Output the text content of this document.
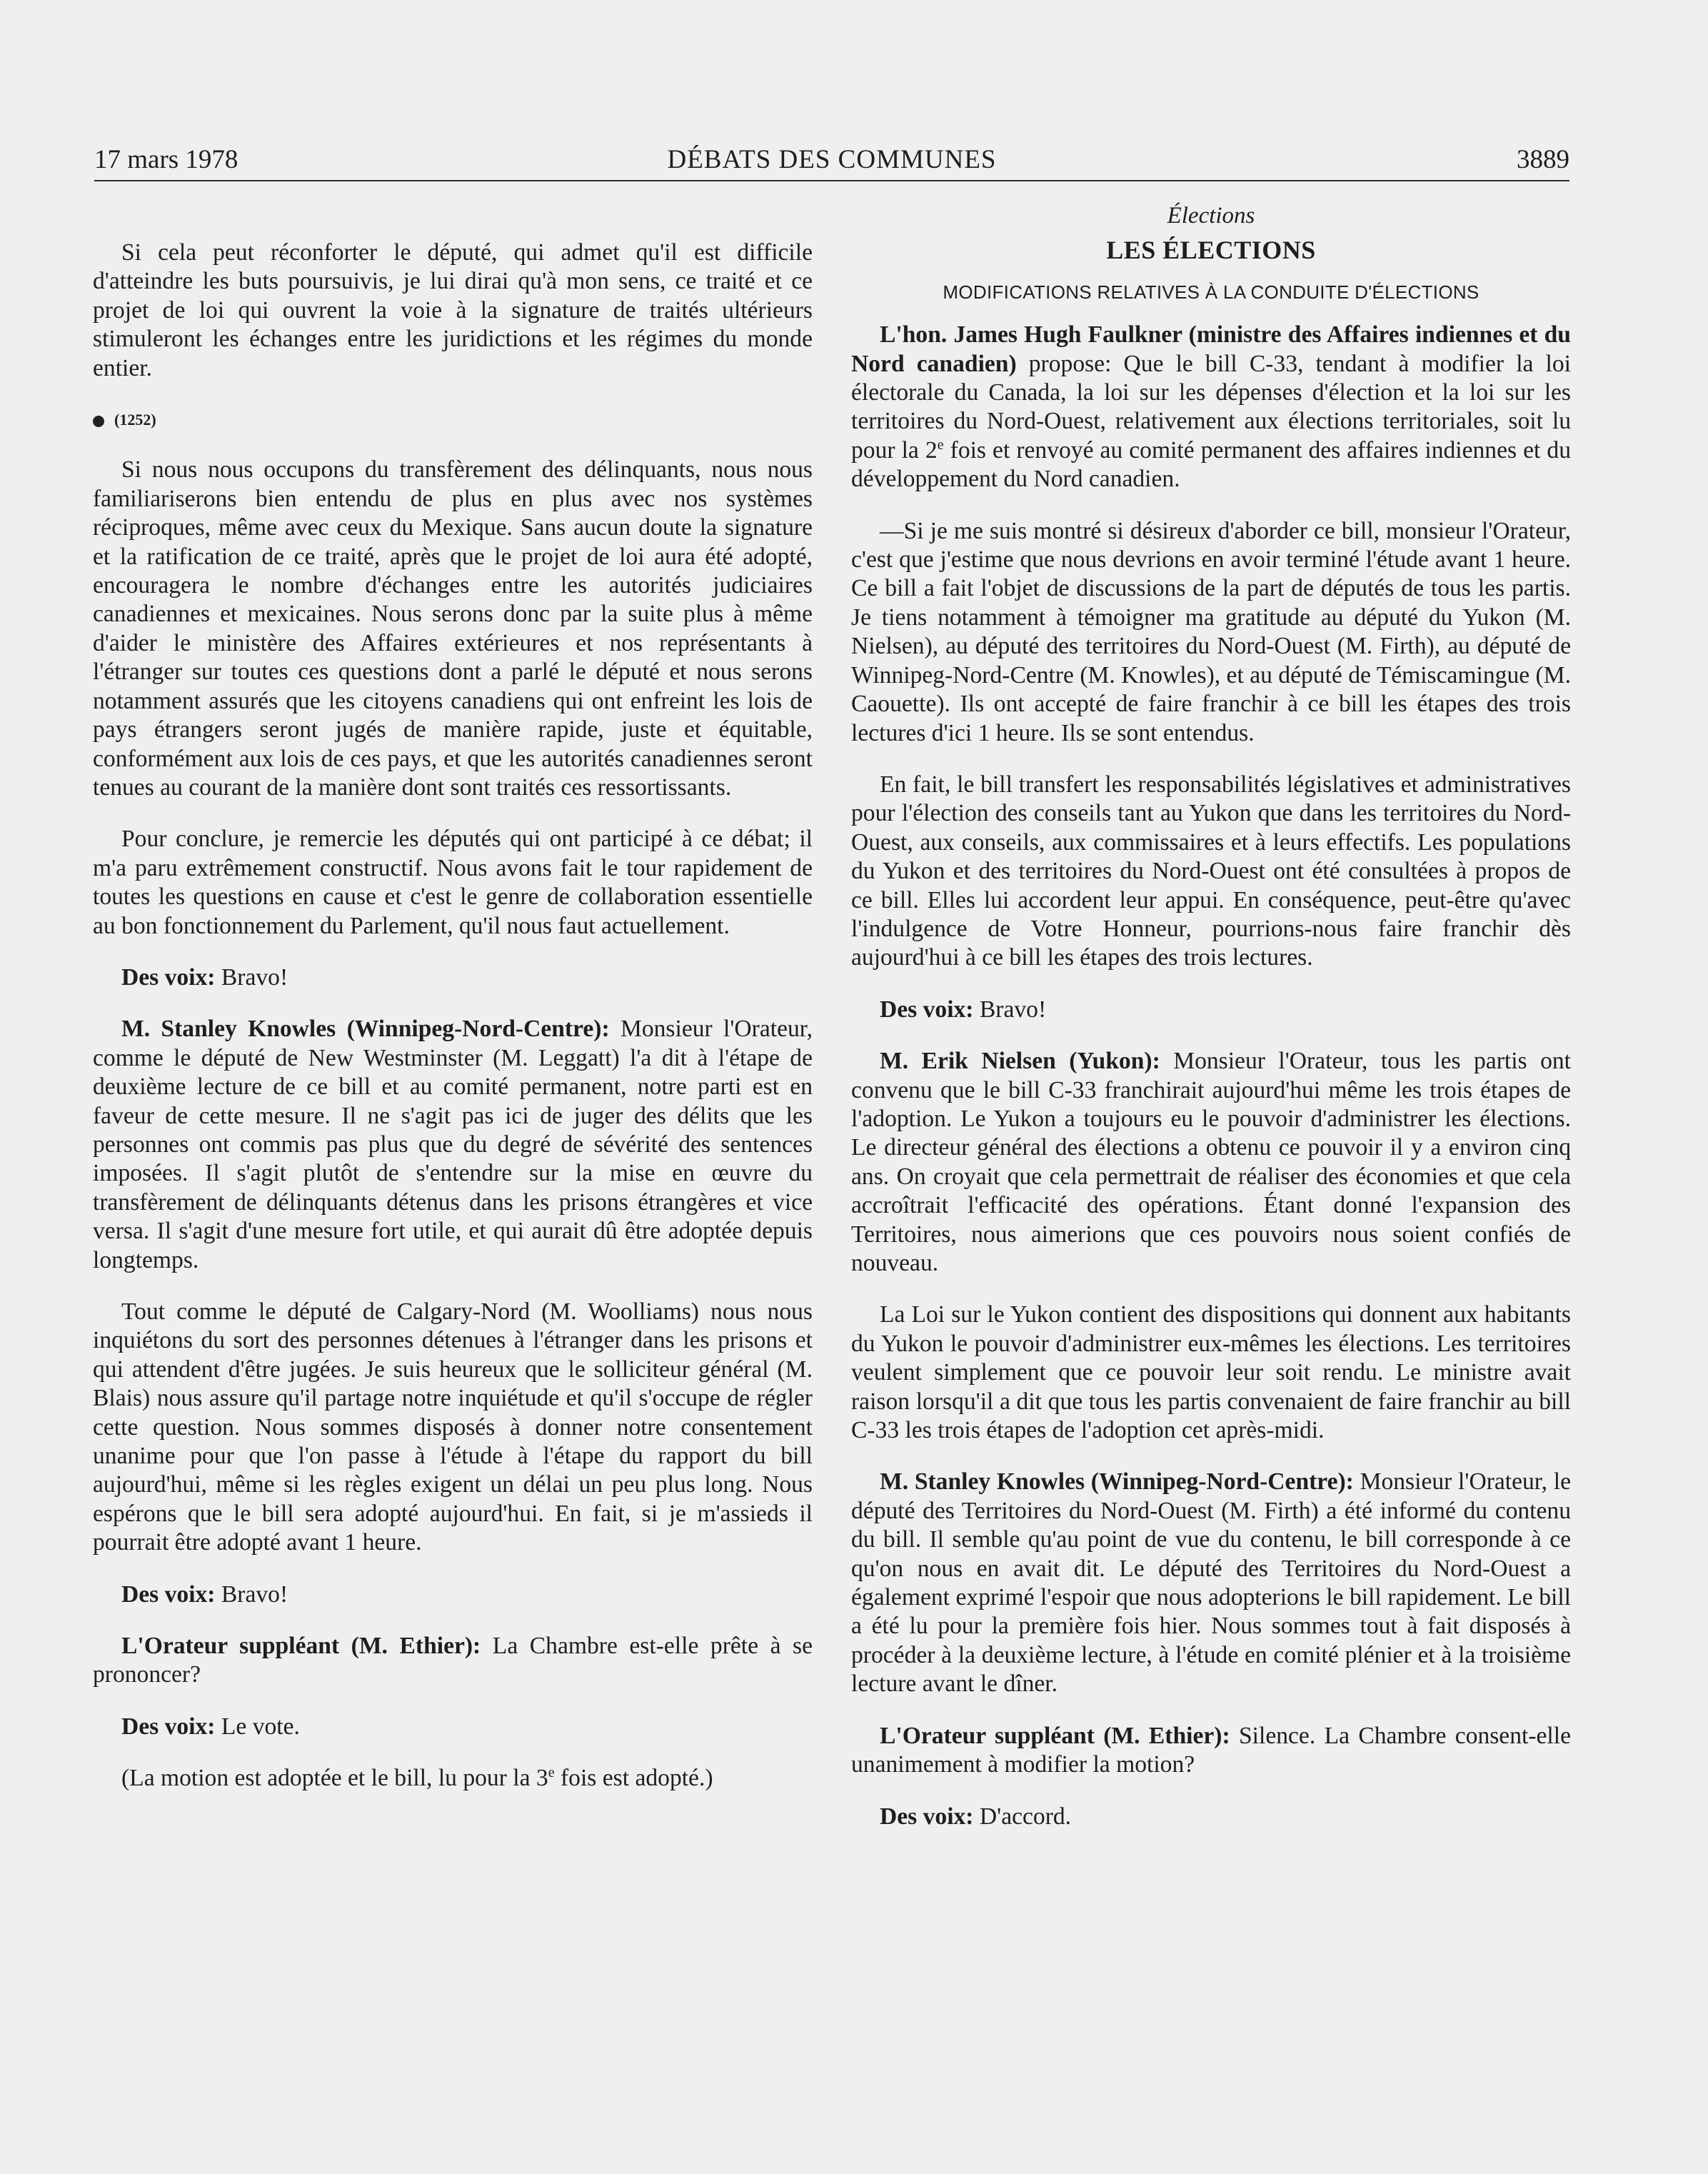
17 mars 1978	DÉBATS DES COMMUNES	3889

Si cela peut réconforter le député, qui admet qu'il est difficile d'atteindre les buts poursuivis, je lui dirai qu'à mon sens, ce traité et ce projet de loi qui ouvrent la voie à la signature de traités ultérieurs stimuleront les échanges entre les juridictions et les régimes du monde entier.

(1252)

Si nous nous occupons du transfèrement des délinquants, nous nous familiariserons bien entendu de plus en plus avec nos systèmes réciproques, même avec ceux du Mexique. Sans aucun doute la signature et la ratification de ce traité, après que le projet de loi aura été adopté, encouragera le nombre d'échanges entre les autorités judiciaires canadiennes et mexicaines. Nous serons donc par la suite plus à même d'aider le ministère des Affaires extérieures et nos représentants à l'étranger sur toutes ces questions dont a parlé le député et nous serons notamment assurés que les citoyens canadiens qui ont enfreint les lois de pays étrangers seront jugés de manière rapide, juste et équitable, conformément aux lois de ces pays, et que les autorités canadiennes seront tenues au courant de la manière dont sont traités ces ressortissants.

Pour conclure, je remercie les députés qui ont participé à ce débat; il m'a paru extrêmement constructif. Nous avons fait le tour rapidement de toutes les questions en cause et c'est le genre de collaboration essentielle au bon fonctionnement du Parlement, qu'il nous faut actuellement.

Des voix: Bravo!

M. Stanley Knowles (Winnipeg-Nord-Centre): Monsieur l'Orateur, comme le député de New Westminster (M. Leggatt) l'a dit à l'étape de deuxième lecture de ce bill et au comité permanent, notre parti est en faveur de cette mesure. Il ne s'agit pas ici de juger des délits que les personnes ont commis pas plus que du degré de sévérité des sentences imposées. Il s'agit plutôt de s'entendre sur la mise en œuvre du transfèrement de délinquants détenus dans les prisons étrangères et vice versa. Il s'agit d'une mesure fort utile, et qui aurait dû être adoptée depuis longtemps.

Tout comme le député de Calgary-Nord (M. Woolliams) nous nous inquiétons du sort des personnes détenues à l'étranger dans les prisons et qui attendent d'être jugées. Je suis heureux que le solliciteur général (M. Blais) nous assure qu'il partage notre inquiétude et qu'il s'occupe de régler cette question. Nous sommes disposés à donner notre consentement unanime pour que l'on passe à l'étude à l'étape du rapport du bill aujourd'hui, même si les règles exigent un délai un peu plus long. Nous espérons que le bill sera adopté aujourd'hui. En fait, si je m'assieds il pourrait être adopté avant 1 heure.

Des voix: Bravo!

L'Orateur suppléant (M. Ethier): La Chambre est-elle prête à se prononcer?

Des voix: Le vote.

(La motion est adoptée et le bill, lu pour la 3e fois est adopté.)

Élections
LES ÉLECTIONS
MODIFICATIONS RELATIVES À LA CONDUITE D'ÉLECTIONS

L'hon. James Hugh Faulkner (ministre des Affaires indiennes et du Nord canadien) propose: Que le bill C-33, tendant à modifier la loi électorale du Canada, la loi sur les dépenses d'élection et la loi sur les territoires du Nord-Ouest, relativement aux élections territoriales, soit lu pour la 2e fois et renvoyé au comité permanent des affaires indiennes et du développement du Nord canadien.

—Si je me suis montré si désireux d'aborder ce bill, monsieur l'Orateur, c'est que j'estime que nous devrions en avoir terminé l'étude avant 1 heure. Ce bill a fait l'objet de discussions de la part de députés de tous les partis. Je tiens notamment à témoigner ma gratitude au député du Yukon (M. Nielsen), au député des territoires du Nord-Ouest (M. Firth), au député de Winnipeg-Nord-Centre (M. Knowles), et au député de Témiscamingue (M. Caouette). Ils ont accepté de faire franchir à ce bill les étapes des trois lectures d'ici 1 heure. Ils se sont entendus.

En fait, le bill transfert les responsabilités législatives et administratives pour l'élection des conseils tant au Yukon que dans les territoires du Nord-Ouest, aux conseils, aux commissaires et à leurs effectifs. Les populations du Yukon et des territoires du Nord-Ouest ont été consultées à propos de ce bill. Elles lui accordent leur appui. En conséquence, peut-être qu'avec l'indulgence de Votre Honneur, pourrions-nous faire franchir dès aujourd'hui à ce bill les étapes des trois lectures.

Des voix: Bravo!

M. Erik Nielsen (Yukon): Monsieur l'Orateur, tous les partis ont convenu que le bill C-33 franchirait aujourd'hui même les trois étapes de l'adoption. Le Yukon a toujours eu le pouvoir d'administrer les élections. Le directeur général des élections a obtenu ce pouvoir il y a environ cinq ans. On croyait que cela permettrait de réaliser des économies et que cela accroîtrait l'efficacité des opérations. Étant donné l'expansion des Territoires, nous aimerions que ces pouvoirs nous soient confiés de nouveau.

La Loi sur le Yukon contient des dispositions qui donnent aux habitants du Yukon le pouvoir d'administrer eux-mêmes les élections. Les territoires veulent simplement que ce pouvoir leur soit rendu. Le ministre avait raison lorsqu'il a dit que tous les partis convenaient de faire franchir au bill C-33 les trois étapes de l'adoption cet après-midi.

M. Stanley Knowles (Winnipeg-Nord-Centre): Monsieur l'Orateur, le député des Territoires du Nord-Ouest (M. Firth) a été informé du contenu du bill. Il semble qu'au point de vue du contenu, le bill corresponde à ce qu'on nous en avait dit. Le député des Territoires du Nord-Ouest a également exprimé l'espoir que nous adopterions le bill rapidement. Le bill a été lu pour la première fois hier. Nous sommes tout à fait disposés à procéder à la deuxième lecture, à l'étude en comité plénier et à la troisième lecture avant le dîner.

L'Orateur suppléant (M. Ethier): Silence. La Chambre consent-elle unanimement à modifier la motion?

Des voix: D'accord.
